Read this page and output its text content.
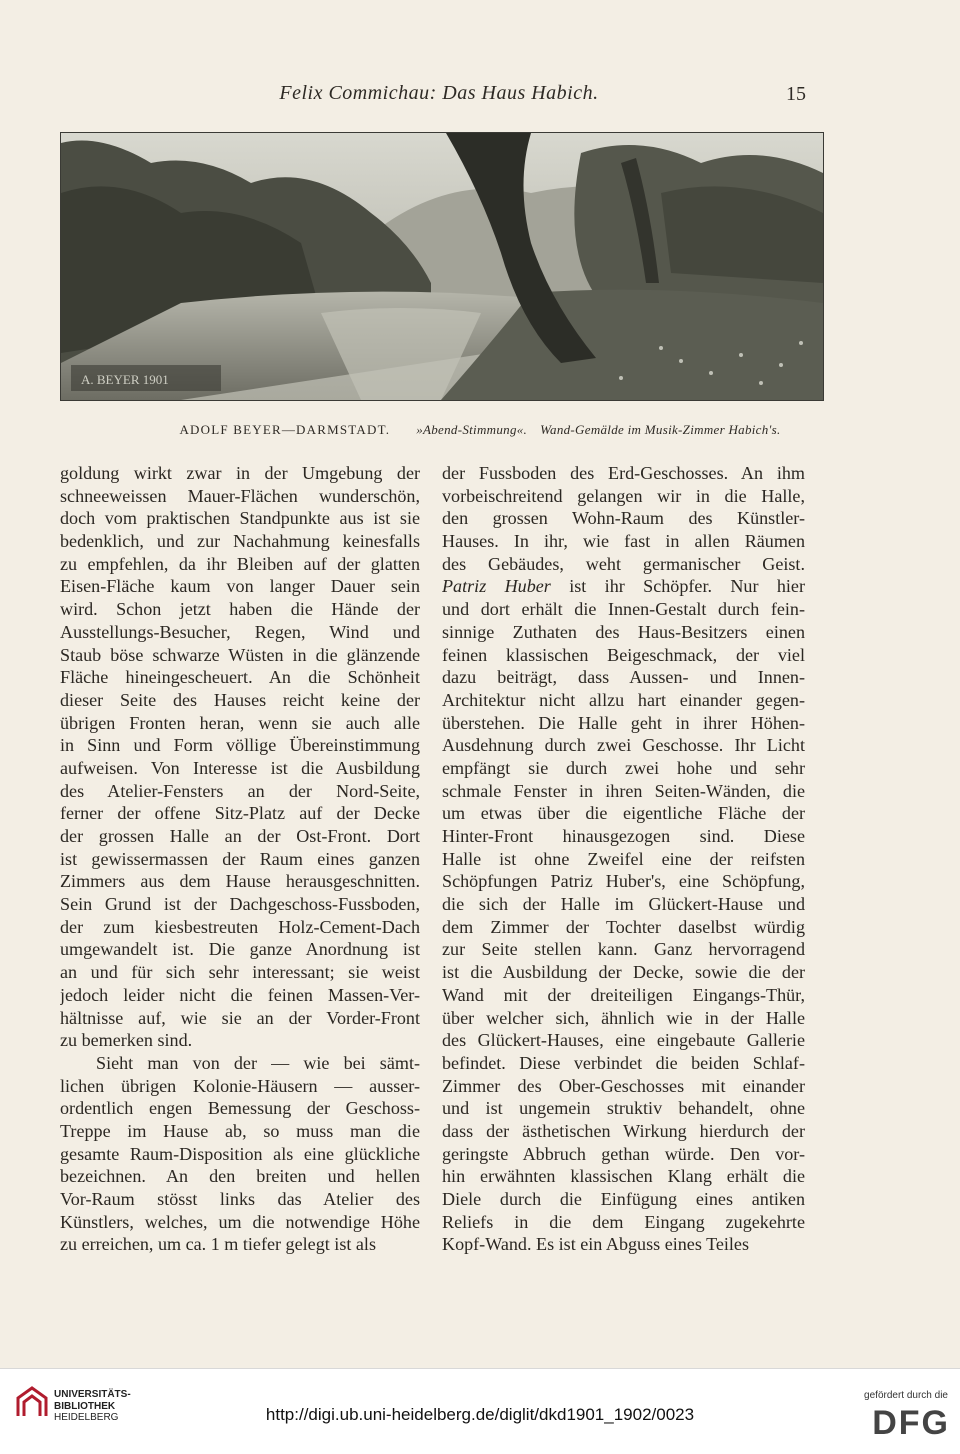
Felix Commichau: Das Haus Habich.	15
A. BEYER 1901
ADOLF BEYER—DARMSTADT. »Abend-Stimmung«. Wand-Gemälde im Musik-Zimmer Habich's.
goldung wirkt zwar in der Umgebung der
schneeweissen Mauer-Flächen wunderschön,
doch vom praktischen Standpunkte aus ist sie
bedenklich, und zur Nachahmung keinesfalls
zu empfehlen, da ihr Bleiben auf der glatten
Eisen-Fläche kaum von langer Dauer sein
wird. Schon jetzt haben die Hände der
Ausstellungs-Besucher, Regen, Wind und
Staub böse schwarze Wüsten in die glänzende
Fläche hineingescheuert. An die Schönheit
dieser Seite des Hauses reicht keine der
übrigen Fronten heran, wenn sie auch alle
in Sinn und Form völlige Übereinstimmung
aufweisen. Von Interesse ist die Ausbildung
des Atelier-Fensters an der Nord-Seite,
ferner der offene Sitz-Platz auf der Decke
der grossen Halle an der Ost-Front. Dort
ist gewissermassen der Raum eines ganzen
Zimmers aus dem Hause herausgeschnitten.
Sein Grund ist der Dachgeschoss-Fussboden,
der zum kiesbestreuten Holz-Cement-Dach
umgewandelt ist. Die ganze Anordnung ist
an und für sich sehr interessant; sie weist
jedoch leider nicht die feinen Massen-Ver-
hältnisse auf, wie sie an der Vorder-Front
zu bemerken sind.
Sieht man von der — wie bei sämt-
lichen übrigen Kolonie-Häusern — ausser-
ordentlich engen Bemessung der Geschoss-
Treppe im Hause ab, so muss man die
gesamte Raum-Disposition als eine glückliche
bezeichnen. An den breiten und hellen
Vor-Raum stösst links das Atelier des
Künstlers, welches, um die notwendige Höhe
zu erreichen, um ca. 1 m tiefer gelegt ist als
der Fussboden des Erd-Geschosses. An ihm
vorbeischreitend gelangen wir in die Halle,
den grossen Wohn-Raum des Künstler-
Hauses. In ihr, wie fast in allen Räumen
des Gebäudes, weht germanischer Geist.
Patriz Huber ist ihr Schöpfer. Nur hier
und dort erhält die Innen-Gestalt durch fein-
sinnige Zuthaten des Haus-Besitzers einen
feinen klassischen Beigeschmack, der viel
dazu beiträgt, dass Aussen- und Innen-
Architektur nicht allzu hart einander gegen-
überstehen. Die Halle geht in ihrer Höhen-
Ausdehnung durch zwei Geschosse. Ihr Licht
empfängt sie durch zwei hohe und sehr
schmale Fenster in ihren Seiten-Wänden, die
um etwas über die eigentliche Fläche der
Hinter-Front hinausgezogen sind. Diese
Halle ist ohne Zweifel eine der reifsten
Schöpfungen Patriz Huber's, eine Schöpfung,
die sich der Halle im Glückert-Hause und
dem Zimmer der Tochter daselbst würdig
zur Seite stellen kann. Ganz hervorragend
ist die Ausbildung der Decke, sowie die der
Wand mit der dreiteiligen Eingangs-Thür,
über welcher sich, ähnlich wie in der Halle
des Glückert-Hauses, eine eingebaute Gallerie
befindet. Diese verbindet die beiden Schlaf-
Zimmer des Ober-Geschosses mit einander
und ist ungemein struktiv behandelt, ohne
dass der ästhetischen Wirkung hierdurch der
geringste Abbruch gethan würde. Den vor-
hin erwähnten klassischen Klang erhält die
Diele durch die Einfügung eines antiken
Reliefs in die dem Eingang zugekehrte
Kopf-Wand. Es ist ein Abguss eines Teiles
UNIVERSITÄTS-
BIBLIOTHEK
HEIDELBERG	http://digi.ub.uni-heidelberg.de/diglit/dkd1901_1902/0023
gefördert durch die
DFG
